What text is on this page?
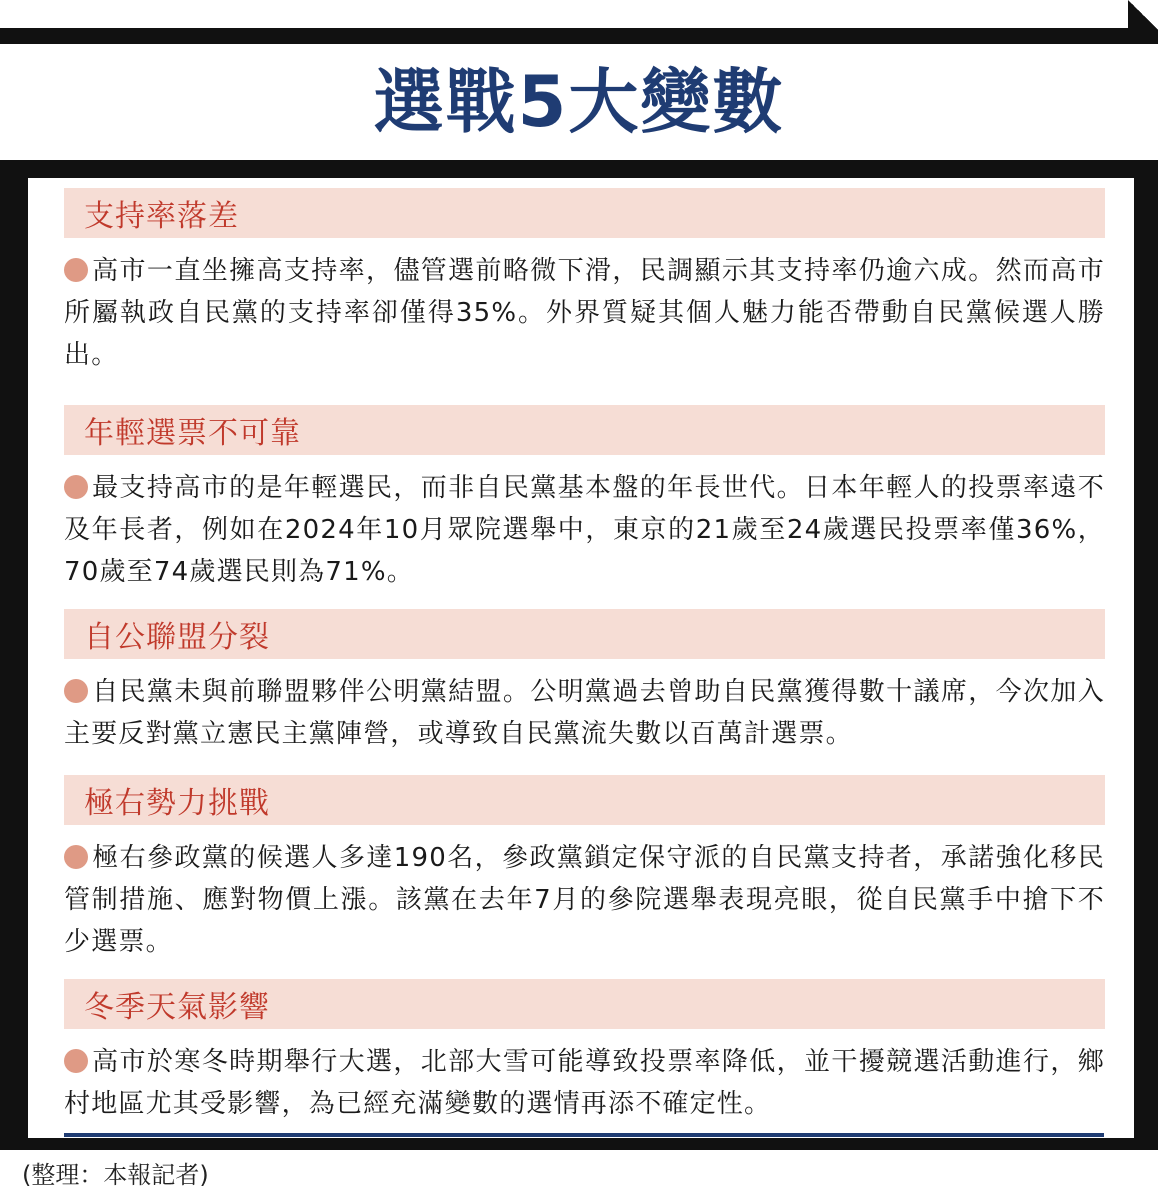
選戰5大變數
支持率落差
高市一直坐擁高支持率，儘管選前略微下滑，民調顯示其支持率仍逾六成。然而高市所屬執政自民黨的支持率卻僅得35%。外界質疑其個人魅力能否帶動自民黨候選人勝出。
年輕選票不可靠
最支持高市的是年輕選民，而非自民黨基本盤的年長世代。日本年輕人的投票率遠不及年長者，例如在2024年10月眾院選舉中，東京的21歲至24歲選民投票率僅36%，70歲至74歲選民則為71%。
自公聯盟分裂
自民黨未與前聯盟夥伴公明黨結盟。公明黨過去曾助自民黨獲得數十議席，今次加入主要反對黨立憲民主黨陣營，或導致自民黨流失數以百萬計選票。
極右勢力挑戰
極右參政黨的候選人多達190名，參政黨鎖定保守派的自民黨支持者，承諾強化移民管制措施、應對物價上漲。該黨在去年7月的參院選舉表現亮眼，從自民黨手中搶下不少選票。
冬季天氣影響
高市於寒冬時期舉行大選，北部大雪可能導致投票率降低，並干擾競選活動進行，鄉村地區尤其受影響，為已經充滿變數的選情再添不確定性。
(整理：本報記者)
